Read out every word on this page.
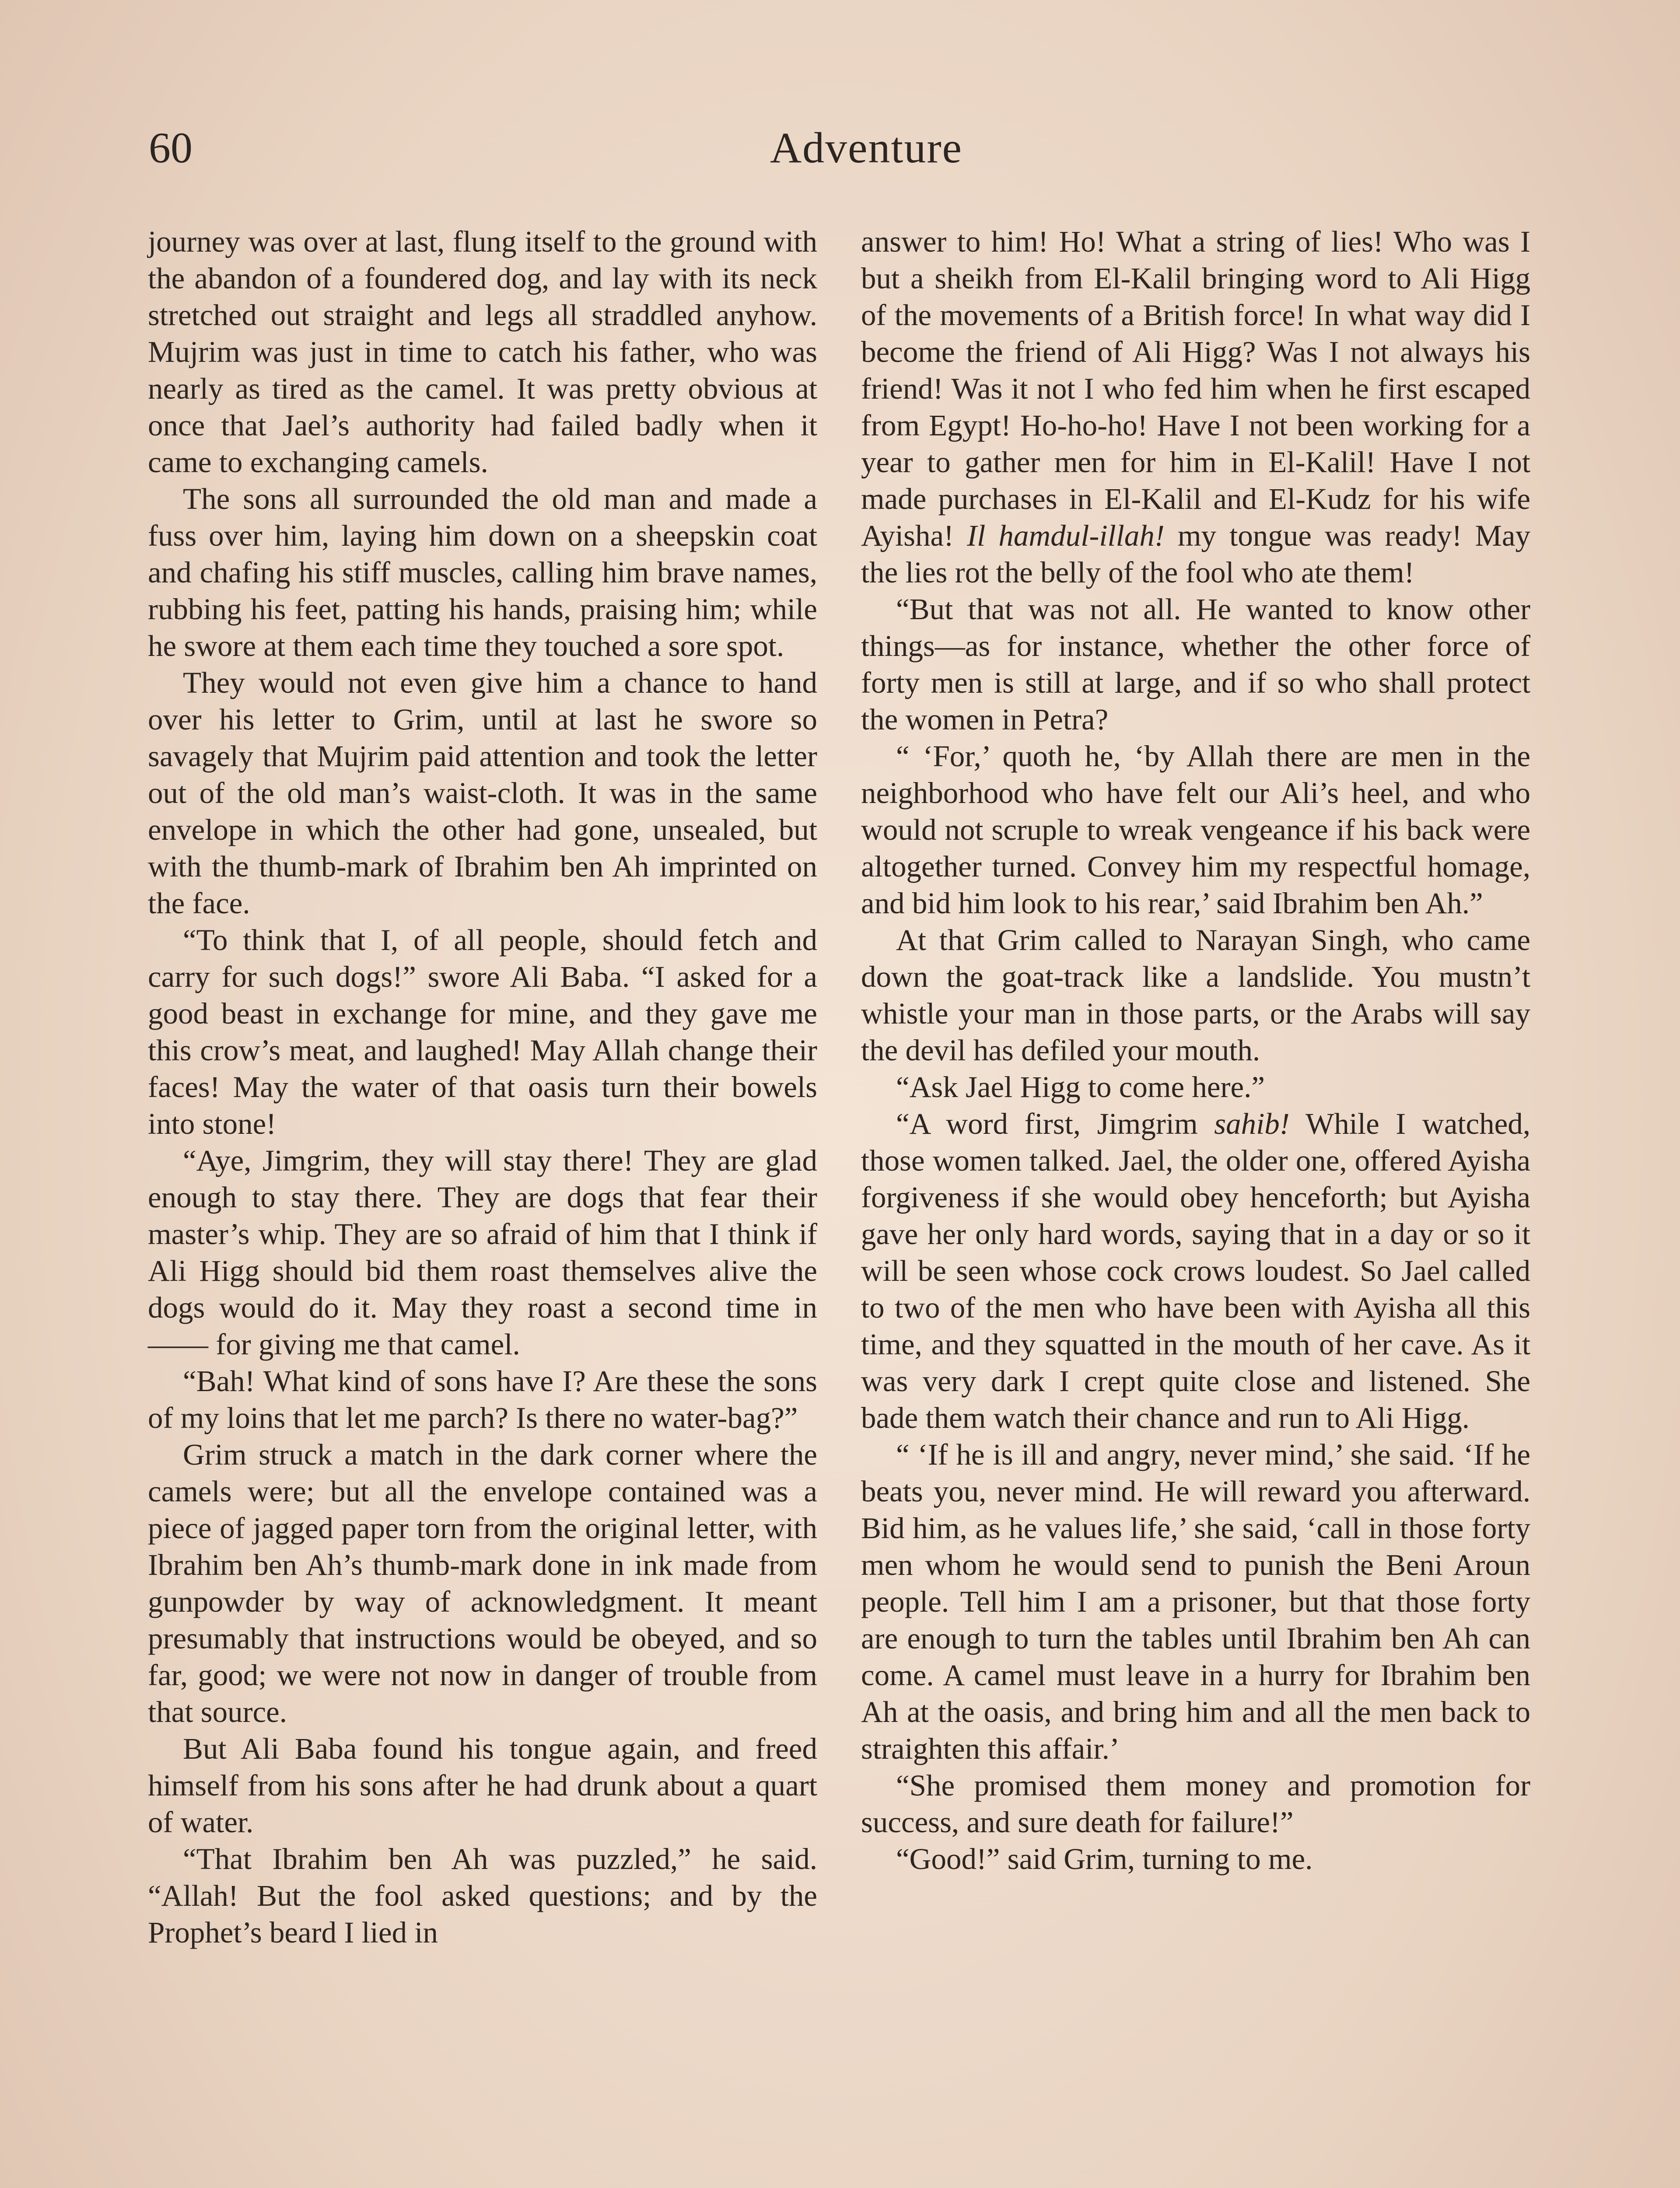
60	Adventure

journey was over at last, flung itself to the ground with the abandon of a foundered dog, and lay with its neck stretched out straight and legs all straddled anyhow. Mujrim was just in time to catch his father, who was nearly as tired as the camel. It was pretty obvious at once that Jael’s authority had failed badly when it came to exchanging camels.

The sons all surrounded the old man and made a fuss over him, laying him down on a sheepskin coat and chafing his stiff muscles, calling him brave names, rubbing his feet, patting his hands, praising him; while he swore at them each time they touched a sore spot.

They would not even give him a chance to hand over his letter to Grim, until at last he swore so savagely that Mujrim paid attention and took the letter out of the old man’s waist-cloth. It was in the same envelope in which the other had gone, unsealed, but with the thumb-mark of Ibrahim ben Ah imprinted on the face.

“To think that I, of all people, should fetch and carry for such dogs!” swore Ali Baba. “I asked for a good beast in exchange for mine, and they gave me this crow’s meat, and laughed! May Allah change their faces! May the water of that oasis turn their bowels into stone!

“Aye, Jimgrim, they will stay there! They are glad enough to stay there. They are dogs that fear their master’s whip. They are so afraid of him that I think if Ali Higg should bid them roast themselves alive the dogs would do it. May they roast a second time in —— for giving me that camel.

“Bah! What kind of sons have I? Are these the sons of my loins that let me parch? Is there no water-bag?”

Grim struck a match in the dark corner where the camels were; but all the envelope contained was a piece of jagged paper torn from the original letter, with Ibrahim ben Ah’s thumb-mark done in ink made from gunpowder by way of acknowledgment. It meant presumably that instructions would be obeyed, and so far, good; we were not now in danger of trouble from that source.

But Ali Baba found his tongue again, and freed himself from his sons after he had drunk about a quart of water.

“That Ibrahim ben Ah was puzzled,” he said. “Allah! But the fool asked questions; and by the Prophet’s beard I lied in

answer to him! Ho! What a string of lies! Who was I but a sheikh from El-Kalil bringing word to Ali Higg of the movements of a British force! In what way did I become the friend of Ali Higg? Was I not always his friend! Was it not I who fed him when he first escaped from Egypt! Ho-ho-ho! Have I not been working for a year to gather men for him in El-Kalil! Have I not made purchases in El-Kalil and El-Kudz for his wife Ayisha! Il hamdul-illah! my tongue was ready! May the lies rot the belly of the fool who ate them!

“But that was not all. He wanted to know other things—as for instance, whether the other force of forty men is still at large, and if so who shall protect the women in Petra?

“ ‘For,’ quoth he, ‘by Allah there are men in the neighborhood who have felt our Ali’s heel, and who would not scruple to wreak vengeance if his back were altogether turned. Convey him my respectful homage, and bid him look to his rear,’ said Ibrahim ben Ah.”

At that Grim called to Narayan Singh, who came down the goat-track like a landslide. You mustn’t whistle your man in those parts, or the Arabs will say the devil has defiled your mouth.

“Ask Jael Higg to come here.”

“A word first, Jimgrim sahib! While I watched, those women talked. Jael, the older one, offered Ayisha forgiveness if she would obey henceforth; but Ayisha gave her only hard words, saying that in a day or so it will be seen whose cock crows loudest. So Jael called to two of the men who have been with Ayisha all this time, and they squatted in the mouth of her cave. As it was very dark I crept quite close and listened. She bade them watch their chance and run to Ali Higg.

“ ‘If he is ill and angry, never mind,’ she said. ‘If he beats you, never mind. He will reward you afterward. Bid him, as he values life,’ she said, ‘call in those forty men whom he would send to punish the Beni Aroun people. Tell him I am a prisoner, but that those forty are enough to turn the tables until Ibrahim ben Ah can come. A camel must leave in a hurry for Ibrahim ben Ah at the oasis, and bring him and all the men back to straighten this affair.’

“She promised them money and promotion for success, and sure death for failure!”

“Good!” said Grim, turning to me.
